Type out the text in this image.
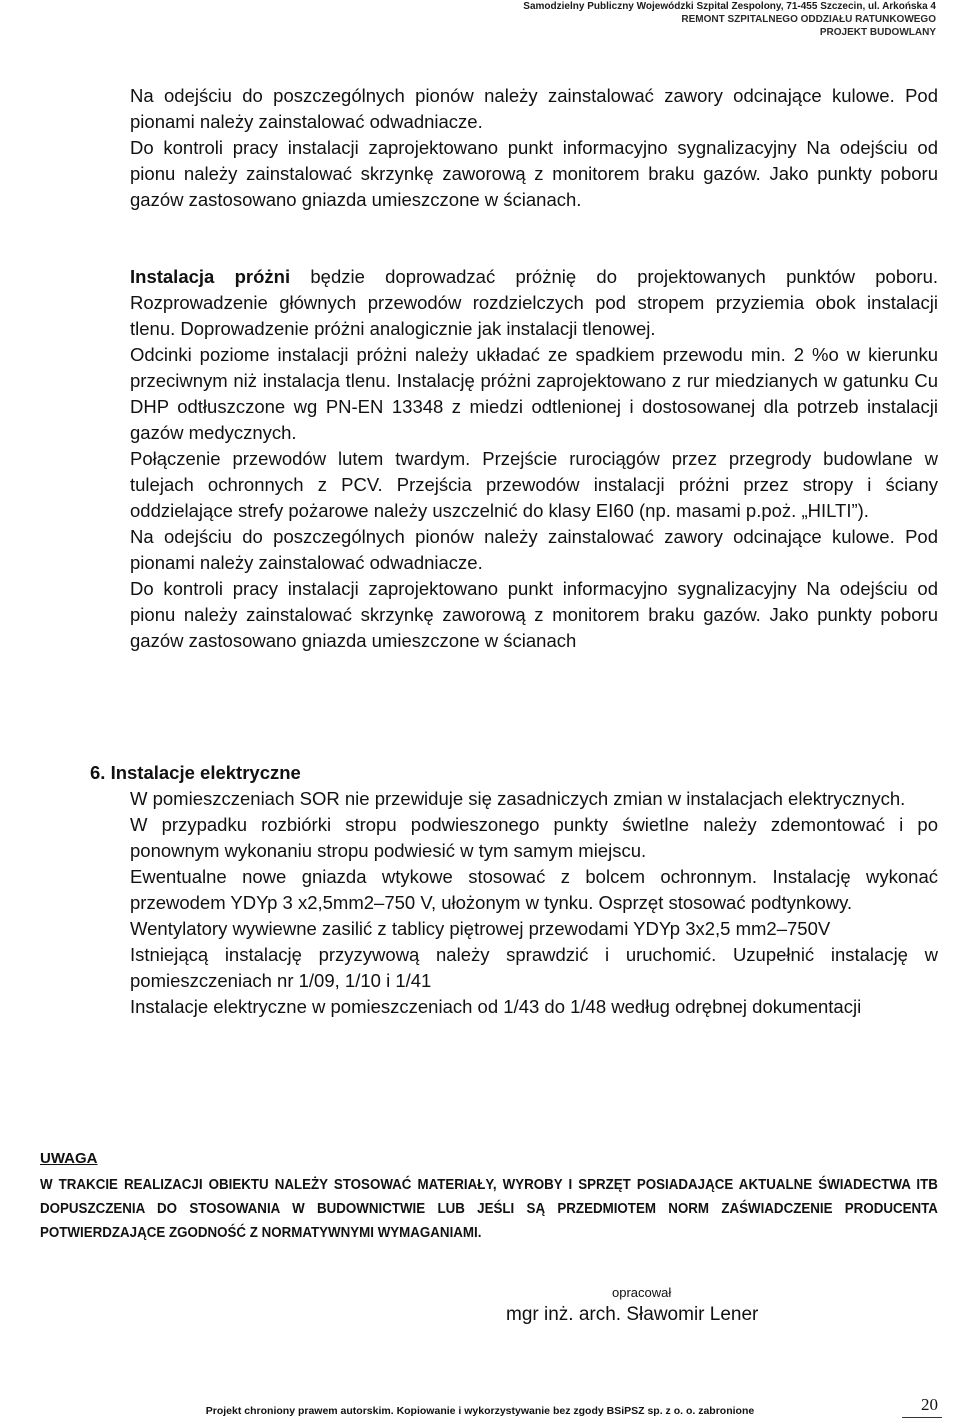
Samodzielny Publiczny Wojewódzki Szpital Zespolony, 71-455 Szczecin, ul. Arkońska 4
REMONT SZPITALNEGO ODDZIAŁU RATUNKOWEGO
PROJEKT BUDOWLANY

Na odejściu do poszczególnych pionów należy zainstalować zawory odcinające kulowe. Pod pionami należy zainstalować odwadniacze.

Do kontroli pracy instalacji zaprojektowano punkt informacyjno sygnalizacyjny Na odejściu od pionu należy zainstalować skrzynkę zaworową z monitorem braku gazów. Jako punkty poboru gazów zastosowano gniazda umieszczone w ścianach.

Instalacja próżni będzie doprowadzać próżnię do projektowanych punktów poboru. Rozprowadzenie głównych przewodów rozdzielczych pod stropem przyziemia obok instalacji tlenu. Doprowadzenie próżni analogicznie jak instalacji tlenowej.

Odcinki poziome instalacji próżni należy układać ze spadkiem przewodu min. 2 %o w kierunku przeciwnym niż instalacja tlenu. Instalację próżni zaprojektowano z rur miedzianych w gatunku Cu DHP odtłuszczone wg PN-EN 13348 z miedzi odtlenionej i dostosowanej dla potrzeb instalacji gazów medycznych.

Połączenie przewodów lutem twardym. Przejście rurociągów przez przegrody budowlane w tulejach ochronnych z PCV. Przejścia przewodów instalacji próżni przez stropy i ściany oddzielające strefy pożarowe należy uszczelnić do klasy EI60 (np. masami p.poż. „HILTI”).

Na odejściu do poszczególnych pionów należy zainstalować zawory odcinające kulowe. Pod pionami należy zainstalować odwadniacze.

Do kontroli pracy instalacji zaprojektowano punkt informacyjno sygnalizacyjny Na odejściu od pionu należy zainstalować skrzynkę zaworową z monitorem braku gazów. Jako punkty poboru gazów zastosowano gniazda umieszczone w ścianach

6. Instalacje elektryczne

W pomieszczeniach SOR nie przewiduje się zasadniczych zmian w instalacjach elektrycznych.

W przypadku rozbiórki stropu podwieszonego punkty świetlne należy zdemontować i po ponownym wykonaniu stropu podwiesić w tym samym miejscu.

Ewentualne nowe gniazda wtykowe stosować z bolcem ochronnym. Instalację wykonać przewodem YDYp 3 x2,5mm2–750 V, ułożonym w tynku. Osprzęt stosować podtynkowy.

Wentylatory wywiewne zasilić z tablicy piętrowej przewodami YDYp 3x2,5 mm2–750V

Istniejącą instalację przyzywową należy sprawdzić i uruchomić. Uzupełnić instalację w pomieszczeniach nr 1/09, 1/10 i 1/41

Instalacje elektryczne w pomieszczeniach od 1/43 do 1/48 według odrębnej dokumentacji

UWAGA
W TRAKCIE REALIZACJI OBIEKTU NALEŻY STOSOWAĆ MATERIAŁY, WYROBY I SPRZĘT POSIADAJĄCE AKTUALNE ŚWIADECTWA ITB DOPUSZCZENIA DO STOSOWANIA W BUDOWNICTWIE LUB JEŚLI SĄ PRZEDMIOTEM NORM ZAŚWIADCZENIE PRODUCENTA POTWIERDZAJĄCE ZGODNOŚĆ Z NORMATYWNYMI WYMAGANIAMI.
opracował
mgr inż. arch. Sławomir Lener
Projekt chroniony prawem autorskim. Kopiowanie i wykorzystywanie bez zgody BSiPSZ sp. z o. o. zabronione	20
